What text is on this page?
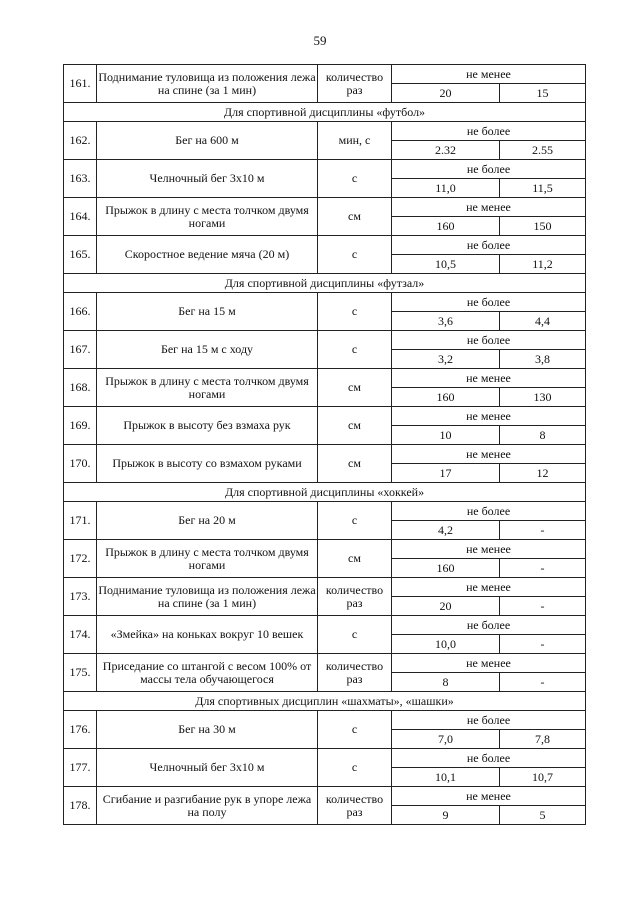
59
161.	Поднимание туловища из положения лежа на спине (за 1 мин)	количество раз	не менее	
			20	15
Для спортивной дисциплины «футбол»				
162.	Бег на 600 м	мин, с	не более	
			2.32	2.55
163.	Челночный бег 3х10 м	с	не более	
			11,0	11,5
164.	Прыжок в длину с места толчком двумя ногами	см	не менее	
			160	150
165.	Скоростное ведение мяча (20 м)	с	не более	
			10,5	11,2
Для спортивной дисциплины «футзал»				
166.	Бег на 15 м	с	не более	
			3,6	4,4
167.	Бег на 15 м с ходу	с	не более	
			3,2	3,8
168.	Прыжок в длину с места толчком двумя ногами	см	не менее	
			160	130
169.	Прыжок в высоту без взмаха рук	см	не менее	
			10	8
170.	Прыжок в высоту со взмахом руками	см	не менее	
			17	12
Для спортивной дисциплины «хоккей»				
171.	Бег на 20 м	с	не более	
			4,2	-
172.	Прыжок в длину с места толчком двумя ногами	см	не менее	
			160	-
173.	Поднимание туловища из положения лежа на спине (за 1 мин)	количество раз	не менее	
			20	-
174.	«Змейка» на коньках вокруг 10 вешек	с	не более	
			10,0	-
175.	Приседание со штангой с весом 100% от массы тела обучающегося	количество раз	не менее	
			8	-
Для спортивных дисциплин «шахматы», «шашки»				
176.	Бег на 30 м	с	не более	
			7,0	7,8
177.	Челночный бег 3х10 м	с	не более	
			10,1	10,7
178.	Сгибание и разгибание рук в упоре лежа на полу	количество раз	не менее	
			9	5
